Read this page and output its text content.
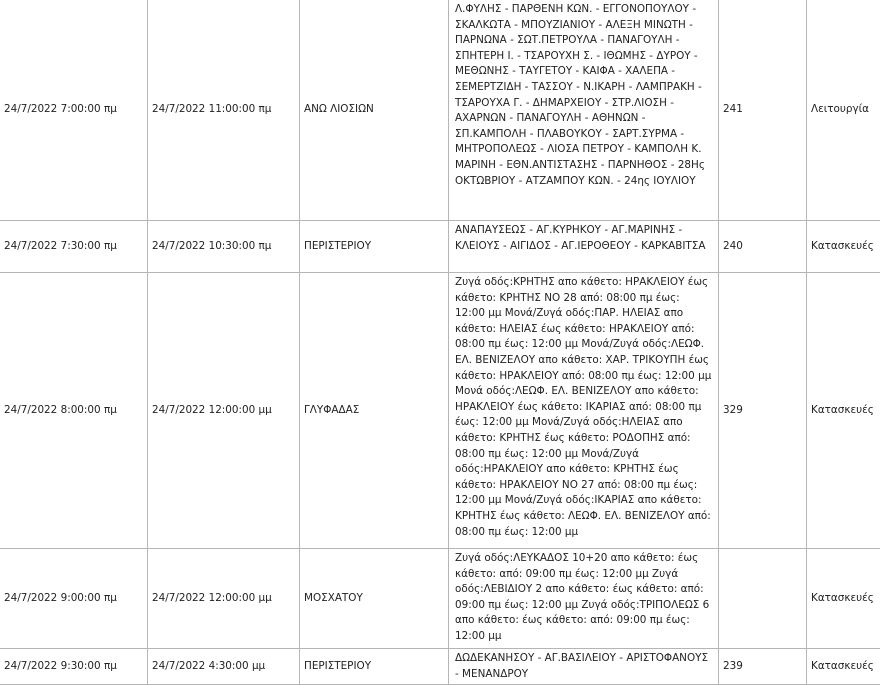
24/7/2022 7:00:00 πμ	24/7/2022 11:00:00 πμ	ΑΝΩ ΛΙΟΣΙΩΝ	Λ.ΦΥΛΗΣ - ΠΑΡΘΕΝΗ ΚΩΝ. - ΕΓΓΟΝΟΠΟΥΛΟΥ - ΣΚΑΛΚΩΤΑ - ΜΠΟΥΖΙΑΝΙΟΥ - ΑΛΕΞΗ ΜΙΝΩΤΗ - ΠΑΡΝΩΝΑ - ΣΩΤ.ΠΕΤΡΟΥΛΑ - ΠΑΝΑΓΟΥΛΗ - ΣΠΗΤΕΡΗ Ι. - ΤΣΑΡΟΥΧΗ Σ. - ΙΘΩΜΗΣ - ΔΥΡΟΥ - ΜΕΘΩΝΗΣ - ΤΑΥΓΕΤΟΥ - ΚΑΙΦΑ - ΧΑΛΕΠΑ - ΣΕΜΕΡΤΖΙΔΗ - ΤΑΣΣΟΥ - Ν.ΙΚΑΡΗ - ΛΑΜΠΡΑΚΗ - ΤΣΑΡΟΥΧΑ Γ. - ΔΗΜΑΡΧΕΙΟΥ - ΣΤΡ.ΛΙΟΣΗ - ΑΧΑΡΝΩΝ - ΠΑΝΑΓΟΥΛΗ - ΑΘΗΝΩΝ - ΣΠ.ΚΑΜΠΟΛΗ - ΠΛΑΒΟΥΚΟΥ - ΣΑΡΤ.ΣΥΡΜΑ - ΜΗΤΡΟΠΟΛΕΩΣ - ΛΙΟΣΑ ΠΕΤΡΟΥ - ΚΑΜΠΟΛΗ Κ. ΜΑΡΙΝΗ - ΕΘΝ.ΑΝΤΙΣΤΑΣΗΣ - ΠΑΡΝΗΘΟΣ - 28Ης ΟΚΤΩΒΡΙΟΥ - ΑΤΖΑΜΠΟΥ ΚΩΝ. - 24ης ΙΟΥΛΙΟΥ	241	Λειτουργία
24/7/2022 7:30:00 πμ	24/7/2022 10:30:00 πμ	ΠΕΡΙΣΤΕΡΙΟΥ	ΑΝΑΠΑΥΣΕΩΣ - ΑΓ.ΚΥΡΗΚΟΥ - ΑΓ.ΜΑΡΙΝΗΣ - ΚΛΕΙΟΥΣ - ΑΙΓΙΔΟΣ - ΑΓ.ΙΕΡΟΘΕΟΥ - ΚΑΡΚΑΒΙΤΣΑ	240	Κατασκευές
24/7/2022 8:00:00 πμ	24/7/2022 12:00:00 μμ	ΓΛΥΦΑΔΑΣ	Ζυγά οδός:ΚΡΗΤΗΣ απο κάθετο: ΗΡΑΚΛΕΙΟΥ έως κάθετο: ΚΡΗΤΗΣ ΝΟ 28 από: 08:00 πμ έως: 12:00 μμ Μονά/Ζυγά οδός:ΠΑΡ. ΗΛΕΙΑΣ απο κάθετο: ΗΛΕΙΑΣ έως κάθετο: ΗΡΑΚΛΕΙΟΥ από: 08:00 πμ έως: 12:00 μμ Μονά/Ζυγά οδός:ΛΕΩΦ. ΕΛ. ΒΕΝΙΖΕΛΟΥ απο κάθετο: ΧΑΡ. ΤΡΙΚΟΥΠΗ έως κάθετο: ΗΡΑΚΛΕΙΟΥ από: 08:00 πμ έως: 12:00 μμ Μονά οδός:ΛΕΩΦ. ΕΛ. ΒΕΝΙΖΕΛΟΥ απο κάθετο: ΗΡΑΚΛΕΙΟΥ έως κάθετο: ΙΚΑΡΙΑΣ από: 08:00 πμ έως: 12:00 μμ Μονά/Ζυγά οδός:ΗΛΕΙΑΣ απο κάθετο: ΚΡΗΤΗΣ έως κάθετο: ΡΟΔΟΠΗΣ από: 08:00 πμ έως: 12:00 μμ Μονά/Ζυγά οδός:ΗΡΑΚΛΕΙΟΥ απο κάθετο: ΚΡΗΤΗΣ έως κάθετο: ΗΡΑΚΛΕΙΟΥ ΝΟ 27 από: 08:00 πμ έως: 12:00 μμ Μονά/Ζυγά οδός:ΙΚΑΡΙΑΣ απο κάθετο: ΚΡΗΤΗΣ έως κάθετο: ΛΕΩΦ. ΕΛ. ΒΕΝΙΖΕΛΟΥ από: 08:00 πμ έως: 12:00 μμ	329	Κατασκευές
24/7/2022 9:00:00 πμ	24/7/2022 12:00:00 μμ	ΜΟΣΧΑΤΟΥ	Ζυγά οδός:ΛΕΥΚΑΔΟΣ 10+20 απο κάθετο: έως κάθετο: από: 09:00 πμ έως: 12:00 μμ Ζυγά οδός:ΛΕΒΙΔΙΟΥ 2 απο κάθετο: έως κάθετο: από: 09:00 πμ έως: 12:00 μμ Ζυγά οδός:ΤΡΙΠΟΛΕΩΣ 6 απο κάθετο: έως κάθετο: από: 09:00 πμ έως: 12:00 μμ		Κατασκευές
24/7/2022 9:30:00 πμ	24/7/2022 4:30:00 μμ	ΠΕΡΙΣΤΕΡΙΟΥ	ΔΩΔΕΚΑΝΗΣΟΥ - ΑΓ.ΒΑΣΙΛΕΙΟΥ - ΑΡΙΣΤΟΦΑΝΟΥΣ - ΜΕΝΑΝΔΡΟΥ	239	Κατασκευές
